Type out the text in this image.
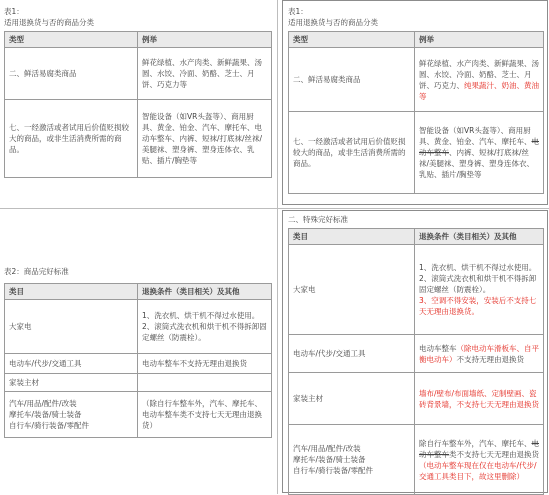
表1：
适用退换货与否的商品分类
类型	例举
二、鲜活易腐类商品	鲜花绿植、水产肉类、新鲜蔬果、汤圆、水饺、冷面、奶酪、芝士、月饼、巧克力等
七、一经激活或者试用后价值贬损较大的商品，或非生活消费所需的商品。	智能设备（如VR头盔等）、商用厨具、黄金、铂金、汽车、摩托车、电动车整车、内裤、短袜/打底袜/丝袜/美腿袜、塑身裤、塑身连体衣、乳贴、插片/胸垫等
表1：
适用退换货与否的商品分类
类型	例举
二、鲜活易腐类商品	鲜花绿植、水产肉类、新鲜蔬果、汤圆、水饺、冷面、奶酪、芝士、月饼、巧克力、纯果蔬汁、奶油、黄油等
七、一经激活或者试用后价值贬损较大的商品，或非生活消费所需的商品。	智能设备（如VR头盔等）、商用厨具、黄金、铂金、汽车、摩托车、电动车整车、内裤、短袜/打底袜/丝袜/美腿袜、塑身裤、塑身连体衣、乳贴、插片/胸垫等
表2：商品完好标准
类目	退换条件（类目相关）及其他
大家电	1、洗衣机、烘干机不得过水使用。
2、滚筒式洗衣机和烘干机不得拆卸固定螺丝（防震栓）。
电动车/代步/交通工具	电动车整车不支持无理由退换货
家装主材	
汽车/用品/配件/改装
摩托车/装备/骑士装备
自行车/骑行装备/零配件	（除自行车整车外，汽车、摩托车、电动车整车类不支持七天无理由退换货）
二、特殊完好标准
类目	退换条件（类目相关）及其他
大家电	1、洗衣机、烘干机不得过水使用。
2、滚筒式洗衣机和烘干机不得拆卸固定螺丝（防震栓）。
3、空调不得安装，安装后不支持七天无理由退换货。

电动车/代步/交通工具	电动车整车（除电动车滑板车、自平衡电动车）不支持无理由退换货
家装主材	墙布/壁布/布面墙纸、定制壁画、瓷砖背景墙，不支持七天无理由退换货
汽车/用品/配件/改装
摩托车/装备/骑士装备
自行车/骑行装备/零配件	除自行车整车外，汽车、摩托车、电动车整车类不支持七天无理由退换货（电动车整车现在仅在电动车/代步/交通工具类目下，故这里删除）
